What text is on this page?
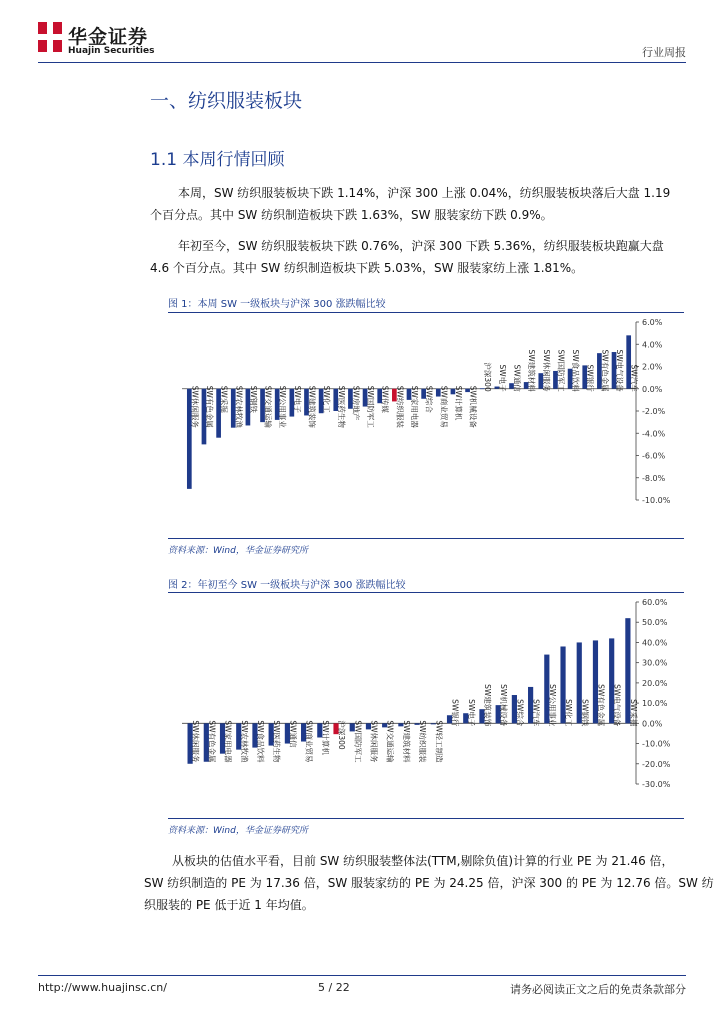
华金证券
Huajin Securities	行业周报
一、纺织服装板块
1.1 本周行情回顾
本周，SW 纺织服装板块下跌 1.14%，沪深 300 上涨 0.04%，纺织服装板块落后大盘 1.19
个百分点。其中 SW 纺织制造板块下跌 1.63%，SW 服装家纺下跌 0.9%。
年初至今，SW 纺织服装板块下跌 0.76%，沪深 300 下跌 5.36%，纺织服装板块跑赢大盘
4.6 个百分点。其中 SW 纺织制造板块下跌 5.03%，SW 服装家纺上涨 1.81%。
图 1：本周 SW 一级板块与沪深 300 涨跌幅比较
6.0%
4.0%
2.0%
0.0%
-2.0%
-4.0%
-6.0%
-8.0%
-10.0%
SW休闲服务 SW有色金属 SW采掘 SW农林牧渔 SW钢铁 SW交通运输 SW公用事业 SW电子 SW建筑装饰 SW化工 SW医药生物 SW房地产 SW国防军工 SW传媒 SW纺织服装 SW家用电器 SW综合 SW商业贸易 SW计算机 SW机械设备
沪深300 SW电子 SW通信 SW建筑材料 SW休闲服务 SW国防军工 SW食品饮料 SW银行 SW有色金属 SW电气设备 SW汽车
资料来源：Wind，华金证券研究所
图 2：年初至今 SW 一级板块与沪深 300 涨跌幅比较
60.0%
50.0%
40.0%
30.0%
20.0%
10.0%
0.0%
-10.0%
-20.0%
-30.0%
SW休闲服务 SW有色金属 SW家用电器 SW农林牧渔 SW食品饮料 SW医药生物 SW通信 SW商业贸易 SW计算机 沪深300 SW国防军工 SW休闲服务 SW交通运输 SW建筑材料 SW纺织服装 SW轻工制造
SW银行 SW电子 SW建筑装饰 SW机械设备 SW综合 SW汽车 SW公用事业 SW化工 SW钢铁 SW有色金属 SW电气设备 SW采掘
资料来源：Wind，华金证券研究所
从板块的估值水平看，目前 SW 纺织服装整体法(TTM,剔除负值)计算的行业 PE 为 21.46 倍，
SW 纺织制造的 PE 为 17.36 倍，SW 服装家纺的 PE 为 24.25 倍，沪深 300 的 PE 为 12.76 倍。SW 纺
织服装的 PE 低于近 1 年均值。
http://www.huajinsc.cn/	5 / 22	请务必阅读正文之后的免责条款部分
